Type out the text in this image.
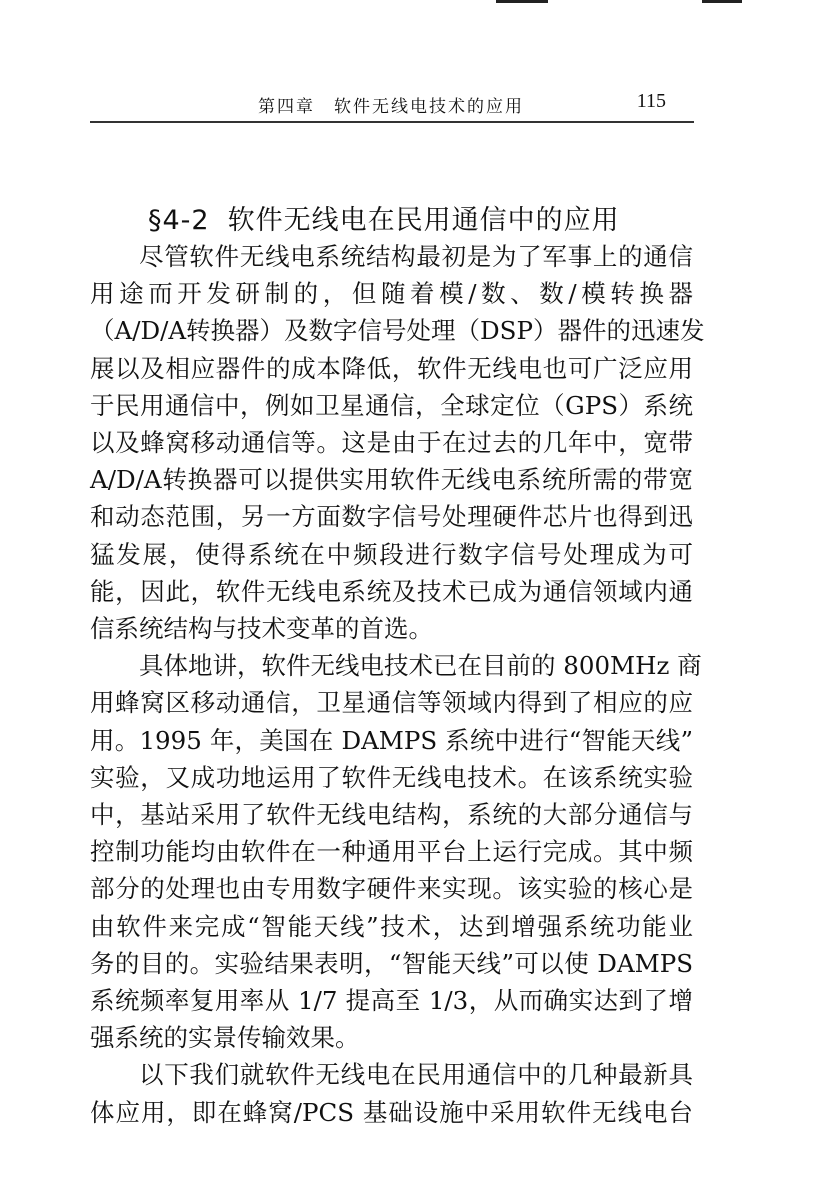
第四章　软件无线电技术的应用	115
§4-2 软件无线电在民用通信中的应用

尽管软件无线电系统结构最初是为了军事上的通信
用途而开发研制的，但随着模/数、数/模转换器
（A/D/A转换器）及数字信号处理（DSP）器件的迅速发
展以及相应器件的成本降低，软件无线电也可广泛应用
于民用通信中，例如卫星通信，全球定位（GPS）系统
以及蜂窝移动通信等。这是由于在过去的几年中，宽带
A/D/A转换器可以提供实用软件无线电系统所需的带宽
和动态范围，另一方面数字信号处理硬件芯片也得到迅
猛发展，使得系统在中频段进行数字信号处理成为可
能，因此，软件无线电系统及技术已成为通信领域内通
信系统结构与技术变革的首选。

具体地讲，软件无线电技术已在目前的 800MHz 商
用蜂窝区移动通信，卫星通信等领域内得到了相应的应
用。1995 年，美国在 DAMPS 系统中进行“智能天线”
实验，又成功地运用了软件无线电技术。在该系统实验
中，基站采用了软件无线电结构，系统的大部分通信与
控制功能均由软件在一种通用平台上运行完成。其中频
部分的处理也由专用数字硬件来实现。该实验的核心是
由软件来完成“智能天线”技术，达到增强系统功能业
务的目的。实验结果表明，“智能天线”可以使 DAMPS
系统频率复用率从 1/7 提高至 1/3，从而确实达到了增
强系统的实景传输效果。

以下我们就软件无线电在民用通信中的几种最新具
体应用，即在蜂窝/PCS 基础设施中采用软件无线电台
